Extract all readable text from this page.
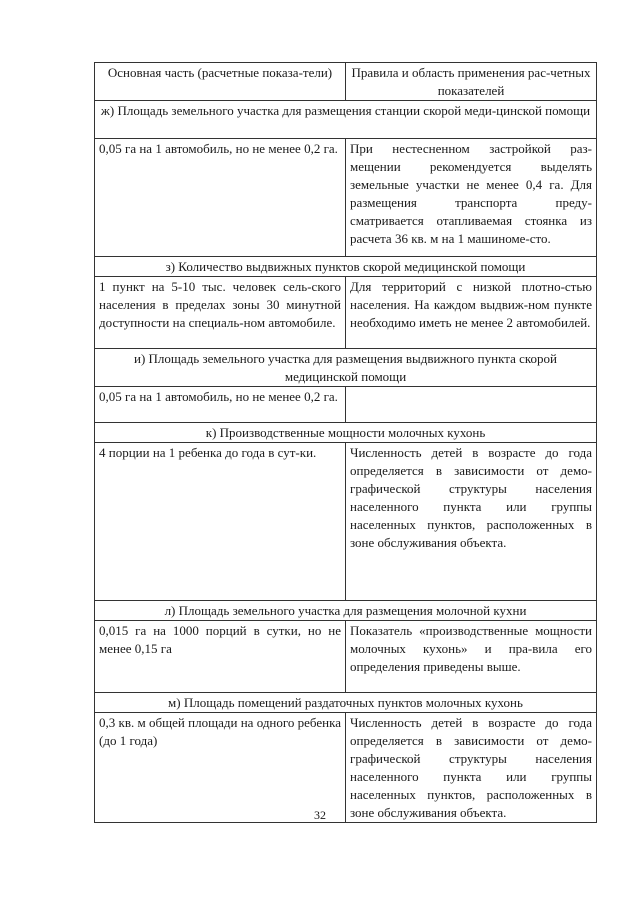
Основная часть (расчетные показа-тели)	Правила и область применения рас-четных показателей
ж) Площадь земельного участка для размещения станции скорой меди-цинской помощи	
0,05 га на 1 автомобиль, но не менее 0,2 га.	При нестесненном застройкой раз-мещении рекомендуется выделять земельные участки не менее 0,4 га. Для размещения транспорта преду-сматривается отапливаемая стоянка из расчета 36 кв. м на 1 машиноме-сто.
з) Количество выдвижных пунктов скорой медицинской помощи	
1 пункт на 5-10 тыс. человек сель-ского населения в пределах зоны 30 минутной доступности на специаль-ном автомобиле.	Для территорий с низкой плотно-стью населения. На каждом выдвиж-ном пункте необходимо иметь не менее 2 автомобилей.
и) Площадь земельного участка для размещения выдвижного пункта скорой медицинской помощи	
0,05 га на 1 автомобиль, но не менее 0,2 га.	
к) Производственные мощности молочных кухонь	
4 порции на 1 ребенка до года в сут-ки.	Численность детей в возрасте до года определяется в зависимости от демо-графической структуры населения населенного пункта или группы населенных пунктов, расположенных в зоне обслуживания объекта.
л) Площадь земельного участка для размещения молочной кухни	
0,015 га на 1000 порций в сутки, но не менее 0,15 га	Показатель «производственные мощности молочных кухонь» и пра-вила его определения приведены выше.
м) Площадь помещений раздаточных пунктов молочных кухонь	
0,3 кв. м общей площади на одного ребенка (до 1 года)	Численность детей в возрасте до года определяется в зависимости от демо-графической структуры населения населенного пункта или группы населенных пунктов, расположенных в зоне обслуживания объекта.
32
